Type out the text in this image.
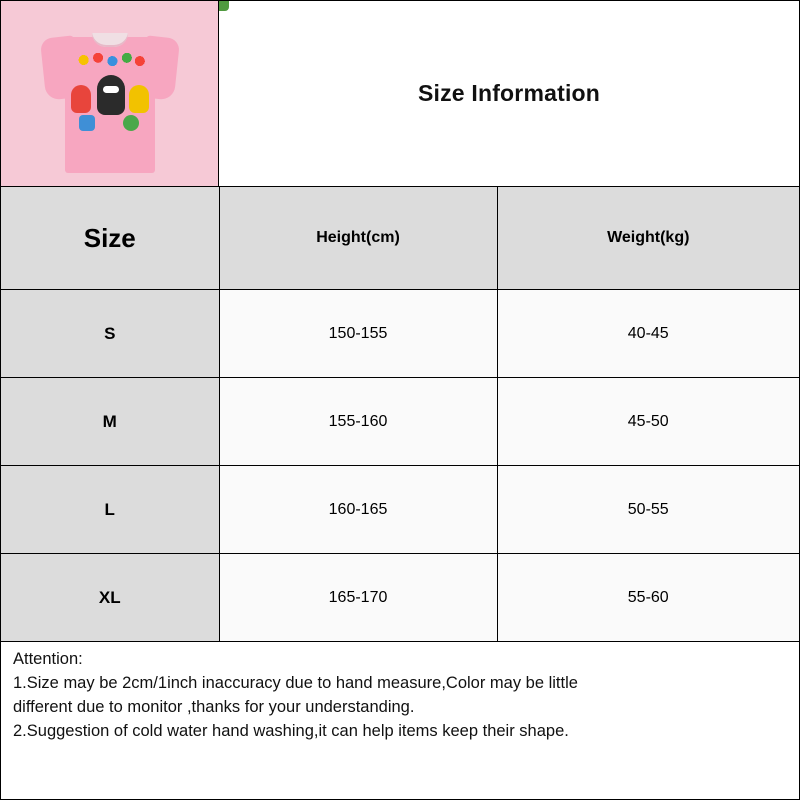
Size Information
Size	Height(cm)	Weight(kg)
S	150-155	40-45
M	155-160	45-50
L	160-165	50-55
XL	165-170	55-60

Attention:

1.Size may be 2cm/1inch inaccuracy due to hand measure,Color may be little

different due to monitor ,thanks for your understanding.

2.Suggestion of cold water hand washing,it can help items keep their shape.
